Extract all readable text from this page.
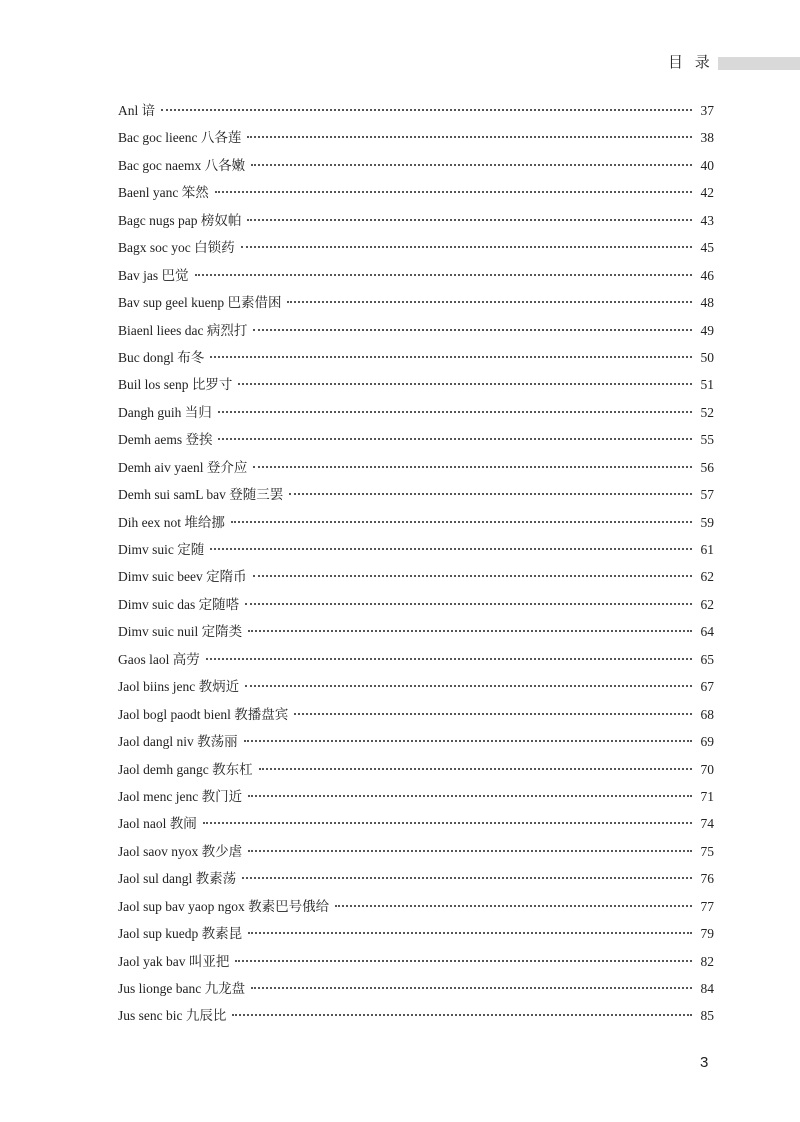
目 录
Anl 谙	37
Bac goc lieenc 八各莲	38
Bac goc naemx 八各嫩	40
Baenl yanc 笨然	42
Bagc nugs pap 榜奴帕	43
Bagx soc yoc 白锁药	45
Bav jas 巴觉	46
Bav sup geel kuenp 巴素借困	48
Biaenl liees dac 病烈打	49
Buc dongl 布冬	50
Buil los senp 比罗寸	51
Dangh guih 当归	52
Demh aems 登挨	55
Demh aiv yaenl 登介应	56
Demh sui samL bav 登随三罢	57
Dih eex not 堆给挪	59
Dimv suic 定随	61
Dimv suic beev 定隋币	62
Dimv suic das 定随嗒	62
Dimv suic nuil 定隋类	64
Gaos laol 高劳	65
Jaol biins jenc 教炳近	67
Jaol bogl paodt bienl 教播盘宾	68
Jaol dangl niv 教荡丽	69
Jaol demh gangc 教东杠	70
Jaol menc jenc 教门近	71
Jaol naol 教闹	74
Jaol saov nyox 教少虐	75
Jaol sul dangl 教素荡	76
Jaol sup bav yaop ngox 教素巴号俄给	77
Jaol sup kuedp 教素昆	79
Jaol yak bav 叫亚把	82
Jus lionge banc 九龙盘	84
Jus senc bic 九辰比	85
3
